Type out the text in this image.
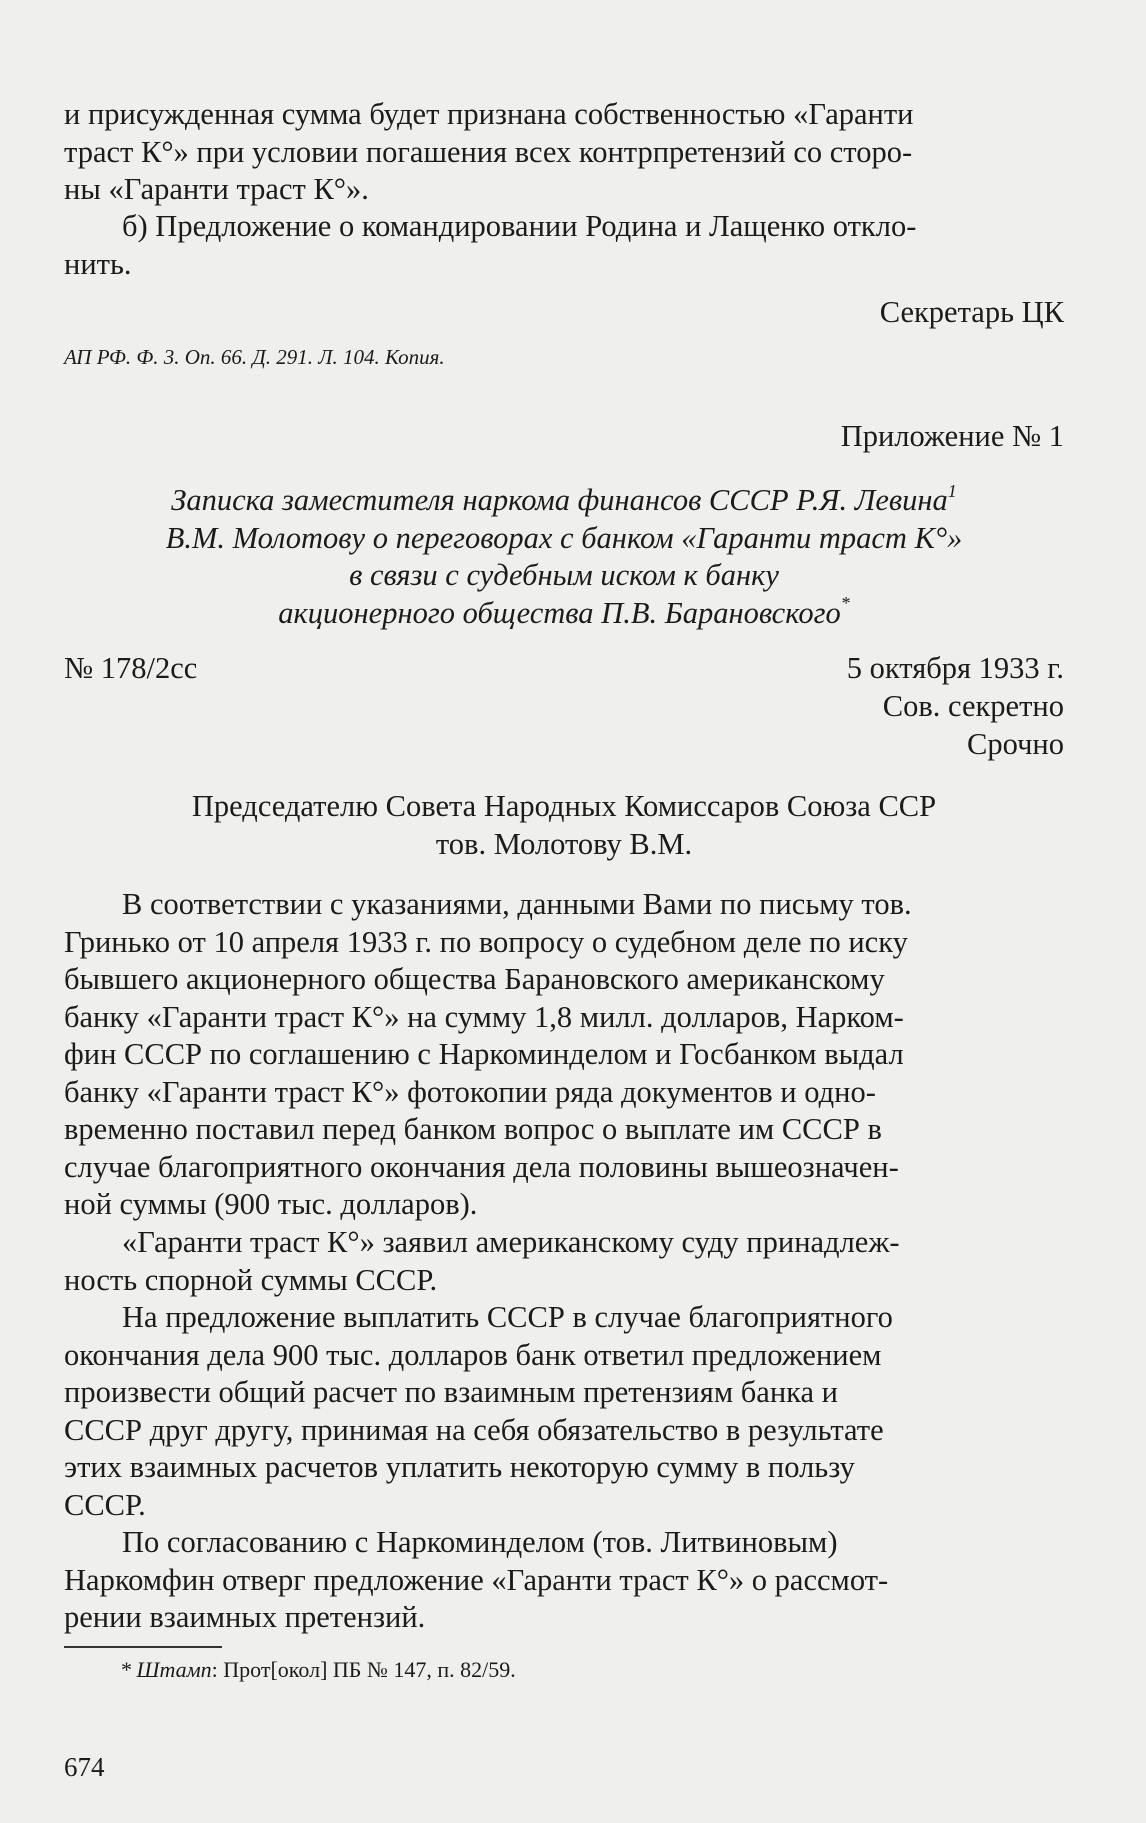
и присужденная сумма будет признана собственностью «Гаранти
траст К°» при условии погашения всех контрпретензий со сторо-
ны «Гаранти траст К°».
б) Предложение о командировании Родина и Лащенко откло-
нить.
Секретарь ЦК
АП РФ. Ф. 3. Оп. 66. Д. 291. Л. 104. Копия.
Приложение № 1
Записка заместителя наркома финансов СССР Р.Я. Левина$^1$
В.М. Молотову о переговорах с банком «Гаранти траст К°»
в связи с судебным иском к банку
акционерного общества П.В. Барановского*
№ 178/2сс	5 октября 1933 г.
Сов. секретно
Срочно
Председателю Совета Народных Комиссаров Союза ССР
тов. Молотову В.М.
В соответствии с указаниями, данными Вами по письму тов.
Гринько от 10 апреля 1933 г. по вопросу о судебном деле по иску
бывшего акционерного общества Барановского американскому
банку «Гаранти траст К°» на сумму 1,8 милл. долларов, Нарком-
фин СССР по соглашению с Наркоминделом и Госбанком выдал
банку «Гаранти траст К°» фотокопии ряда документов и одно-
временно поставил перед банком вопрос о выплате им СССР в
случае благоприятного окончания дела половины вышеозначен-
ной суммы (900 тыс. долларов).
«Гаранти траст К°» заявил американскому суду принадлеж-
ность спорной суммы СССР.
На предложение выплатить СССР в случае благоприятного
окончания дела 900 тыс. долларов банк ответил предложением
произвести общий расчет по взаимным претензиям банка и
СССР друг другу, принимая на себя обязательство в результате
этих взаимных расчетов уплатить некоторую сумму в пользу
СССР.
По согласованию с Наркоминделом (тов. Литвиновым)
Наркомфин отверг предложение «Гаранти траст К°» о рассмот-
рении взаимных претензий.
* Штамп: Прот[окол] ПБ № 147, п. 82/59.
674
